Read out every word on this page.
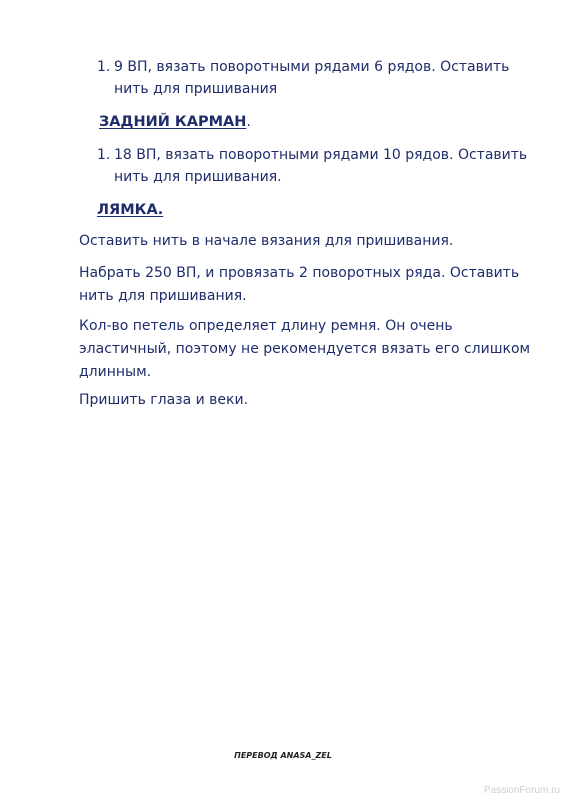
1. 9 ВП, вязать поворотными рядами 6 рядов. Оставить нить для пришивания
ЗАДНИЙ КАРМАН.
1. 18 ВП, вязать поворотными рядами 10 рядов. Оставить нить для пришивания.
ЛЯМКА.
Оставить нить в начале вязания для пришивания.
Набрать 250 ВП, и провязать 2 поворотных ряда. Оставить нить для пришивания.
Кол-во петель определяет длину ремня. Он очень эластичный, поэтому не рекомендуется вязать его слишком длинным.
Пришить глаза и веки.
ПЕРЕВОД ANASA_ZEL
PassionForum.ru
